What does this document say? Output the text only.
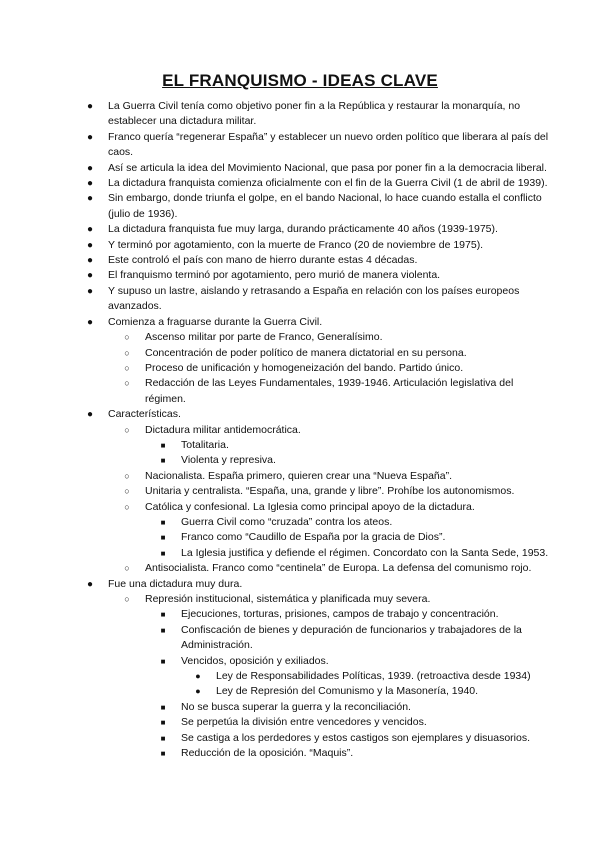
EL FRANQUISMO - IDEAS CLAVE
● La Guerra Civil tenía como objetivo poner fin a la República y restaurar la monarquía, no establecer una dictadura militar.
● Franco quería “regenerar España” y establecer un nuevo orden político que liberara al país del caos.
● Así se articula la idea del Movimiento Nacional, que pasa por poner fin a la democracia liberal.
● La dictadura franquista comienza oficialmente con el fin de la Guerra Civil (1 de abril de 1939).
● Sin embargo, donde triunfa el golpe, en el bando Nacional, lo hace cuando estalla el conflicto (julio de 1936).
● La dictadura franquista fue muy larga, durando prácticamente 40 años (1939-1975).
● Y terminó por agotamiento, con la muerte de Franco (20 de noviembre de 1975).
● Este controló el país con mano de hierro durante estas 4 décadas.
● El franquismo terminó por agotamiento, pero murió de manera violenta.
● Y supuso un lastre, aislando y retrasando a España en relación con los países europeos avanzados.
● Comienza a fraguarse durante la Guerra Civil.
○ Ascenso militar por parte de Franco, Generalísimo.
○ Concentración de poder político de manera dictatorial en su persona.
○ Proceso de unificación y homogeneización del bando. Partido único.
○ Redacción de las Leyes Fundamentales, 1939-1946. Articulación legislativa del régimen.
● Características.
○ Dictadura militar antidemocrática.
■ Totalitaria.
■ Violenta y represiva.
○ Nacionalista. España primero, quieren crear una “Nueva España”.
○ Unitaria y centralista. “España, una, grande y libre”. Prohíbe los autonomismos.
○ Católica y confesional. La Iglesia como principal apoyo de la dictadura.
■ Guerra Civil como “cruzada” contra los ateos.
■ Franco como “Caudillo de España por la gracia de Dios”.
■ La Iglesia justifica y defiende el régimen. Concordato con la Santa Sede, 1953.
○ Antisocialista. Franco como “centinela” de Europa. La defensa del comunismo rojo.
● Fue una dictadura muy dura.
○ Represión institucional, sistemática y planificada muy severa.
■ Ejecuciones, torturas, prisiones, campos de trabajo y concentración.
■ Confiscación de bienes y depuración de funcionarios y trabajadores de la Administración.
■ Vencidos, oposición y exiliados.
● Ley de Responsabilidades Políticas, 1939. (retroactiva desde 1934)
● Ley de Represión del Comunismo y la Masonería, 1940.
■ No se busca superar la guerra y la reconciliación.
■ Se perpetúa la división entre vencedores y vencidos.
■ Se castiga a los perdedores y estos castigos son ejemplares y disuasorios.
■ Reducción de la oposición. “Maquis”.
